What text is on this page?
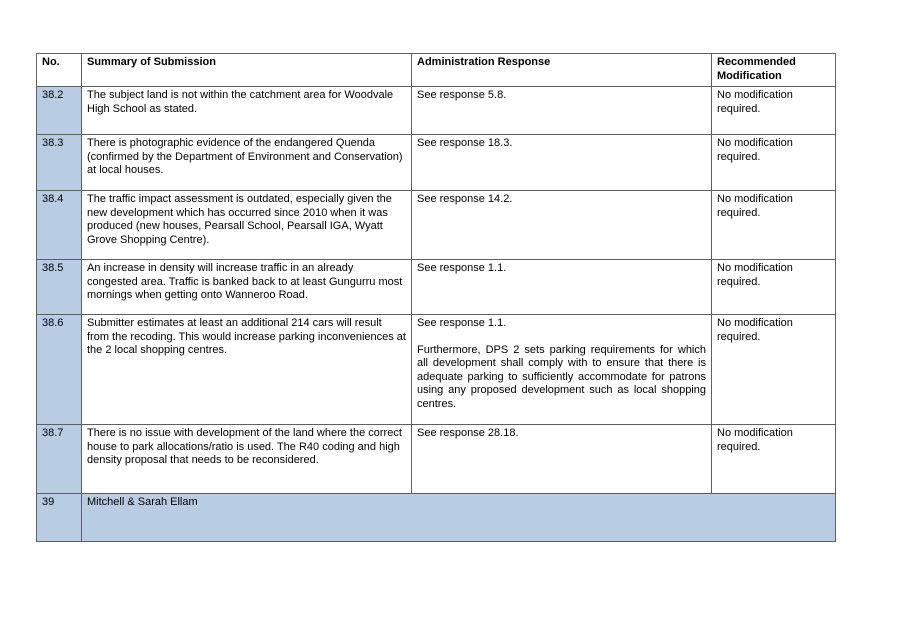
No.	Summary of Submission	Administration Response	Recommended Modification
38.2	The subject land is not within the catchment area for Woodvale High School as stated.	See response 5.8.	No modification required.
38.3	There is photographic evidence of the endangered Quenda (confirmed by the Department of Environment and Conservation) at local houses.	See response 18.3.	No modification required.
38.4	The traffic impact assessment is outdated, especially given the new development which has occurred since 2010 when it was produced (new houses, Pearsall School, Pearsall IGA, Wyatt Grove Shopping Centre).	See response 14.2.	No modification required.
38.5	An increase in density will increase traffic in an already congested area. Traffic is banked back to at least Gungurru most mornings when getting onto Wanneroo Road.	See response 1.1.	No modification required.
38.6	Submitter estimates at least an additional 214 cars will result from the recoding. This would increase parking inconveniences at the 2 local shopping centres.	See response 1.1.

Furthermore, DPS 2 sets parking requirements for which all development shall comply with to ensure that there is adequate parking to sufficiently accommodate for patrons using any proposed development such as local shopping centres.	No modification required.
38.7	There is no issue with development of the land where the correct house to park allocations/ratio is used. The R40 coding and high density proposal that needs to be reconsidered.	See response 28.18.	No modification required.
39	Mitchell & Sarah Ellam		
